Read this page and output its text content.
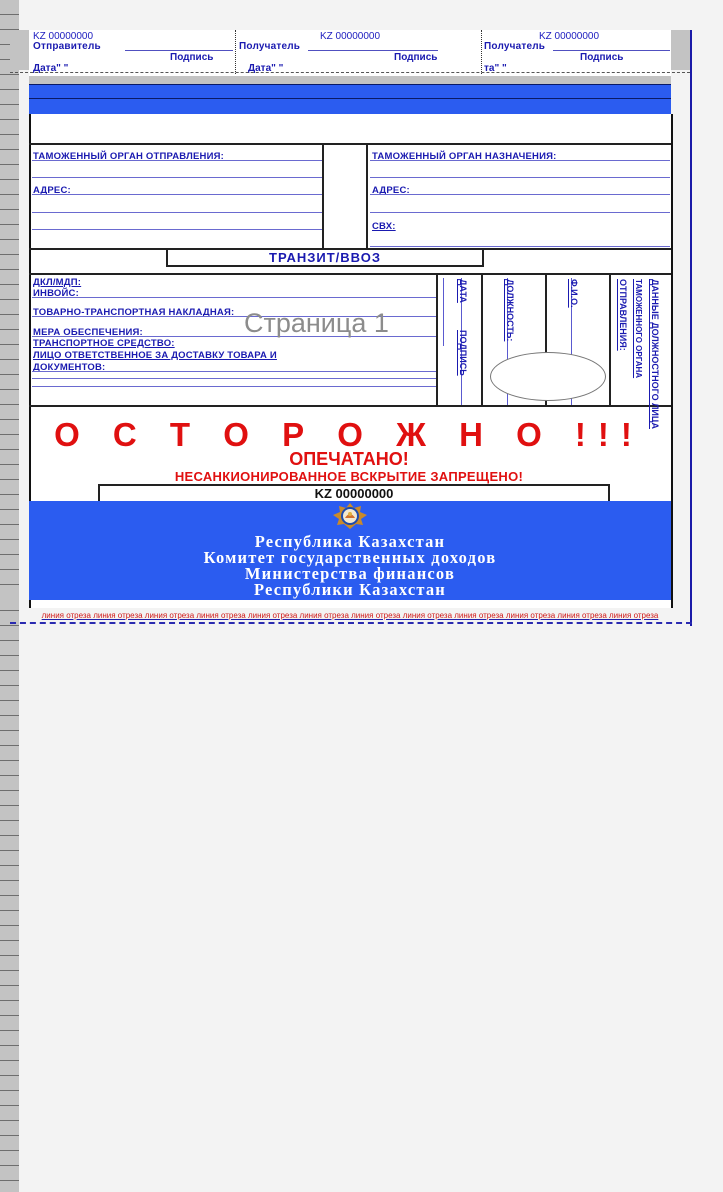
KZ 00000000
Отправитель
Подпись
Дата" "
KZ 00000000
Получатель
Подпись
Дата" "
KZ 00000000
Получатель
Подпись
та" "
ТАМОЖЕННЫЙ ОРГАН ОТПРАВЛЕНИЯ:
АДРЕС:
ТАМОЖЕННЫЙ ОРГАН НАЗНАЧЕНИЯ:
АДРЕС:
СВХ:
ТРАНЗИТ/ВВОЗ
ДКЛ/МДП:
ИНВОЙС:
ТОВАРНО-ТРАНСПОРТНАЯ НАКЛАДНАЯ:
МЕРА ОБЕСПЕЧЕНИЯ:
ТРАНСПОРТНОЕ СРЕДСТВО:
ЛИЦО ОТВЕТСТВЕННОЕ ЗА ДОСТАВКУ ТОВАРА И
ДОКУМЕНТОВ:
Страница 1
ДАТА
ПОДПИСЬ
ДОЛЖНОСТЬ:	Ф.И.О.	ДАННЫЕ ДОЛЖНОСТНОГО ЛИЦА
ТАМОЖЕННОГО ОРГАНА
ОТПРАВЛЕНИЯ:
О С Т О Р О Ж Н О !!!
ОПЕЧАТАНО!
НЕСАНКИОНИРОВАННОЕ ВСКРЫТИЕ ЗАПРЕЩЕНО!
KZ 00000000
Республика Казахстан
Комитет государственных доходов
Министерства финансов
Республики Казахстан
линия отреза линия отреза линия отреза линия отреза линия отреза линия отреза линия отреза линия отреза линия отреза линия отреза линия отреза линия отреза
